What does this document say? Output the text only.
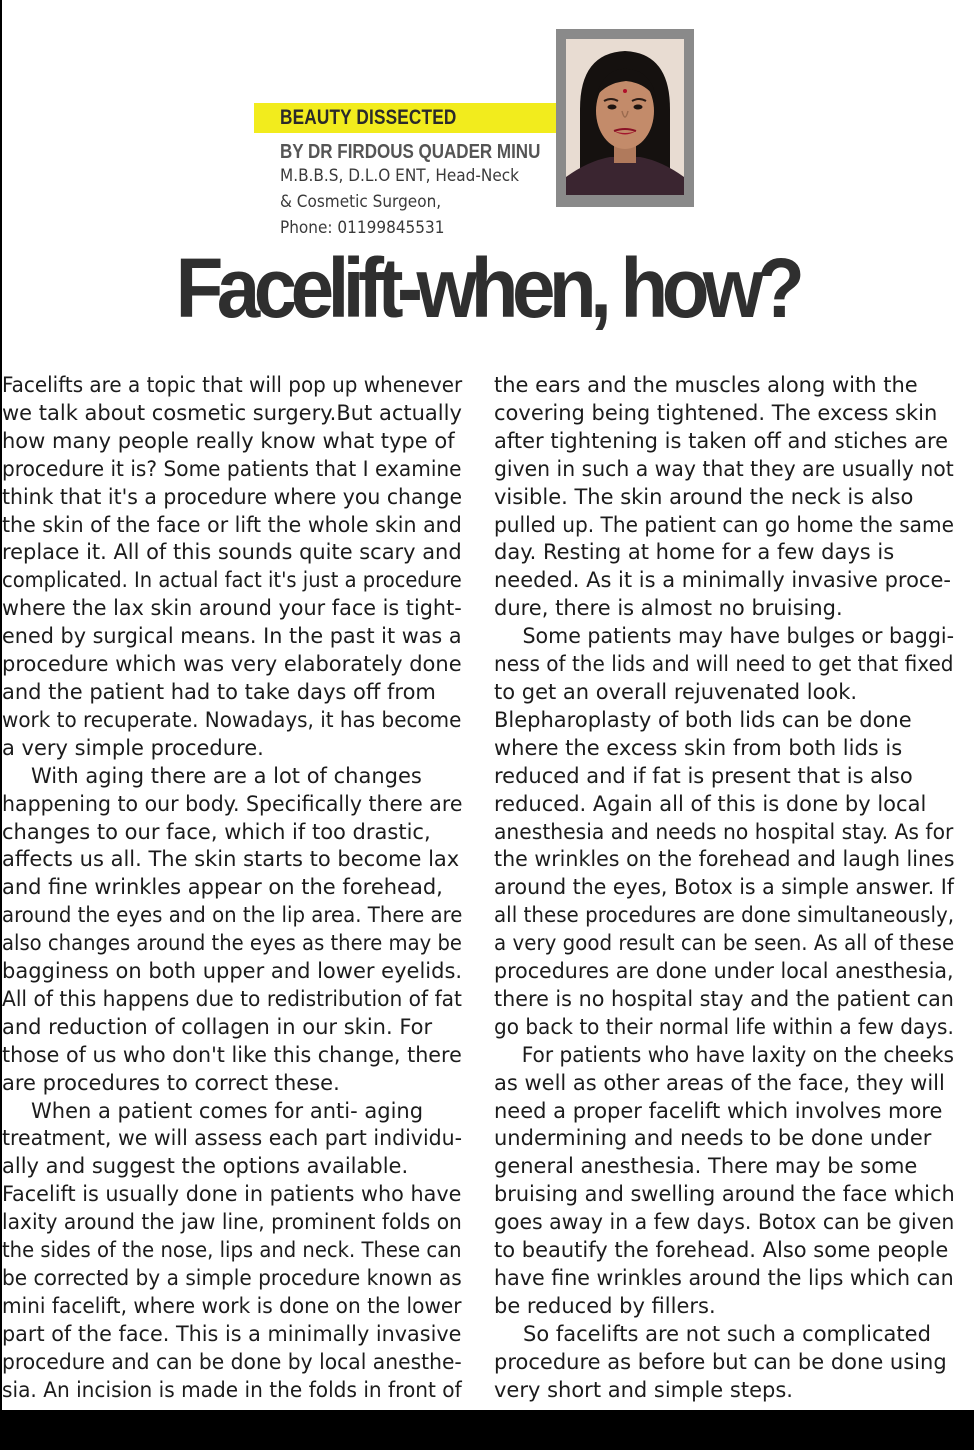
BEAUTY DISSECTED
BY DR FIRDOUS QUADER MINU
M.B.B.S, D.L.O ENT, Head-Neck
& Cosmetic Surgeon,
Phone: 01199845531
Facelift-when, how?

Facelifts are a topic that will pop up whenever
we talk about cosmetic surgery.But actually
how many people really know what type of
procedure it is? Some patients that I examine
think that it's a procedure where you change
the skin of the face or lift the whole skin and
replace it. All of this sounds quite scary and
complicated. In actual fact it's just a procedure
where the lax skin around your face is tight-
ened by surgical means. In the past it was a
procedure which was very elaborately done
and the patient had to take days off from
work to recuperate. Nowadays, it has become
a very simple procedure.

With aging there are a lot of changes
happening to our body. Specifically there are
changes to our face, which if too drastic,
affects us all. The skin starts to become lax
and fine wrinkles appear on the forehead,
around the eyes and on the lip area. There are
also changes around the eyes as there may be
bagginess on both upper and lower eyelids.
All of this happens due to redistribution of fat
and reduction of collagen in our skin. For
those of us who don't like this change, there
are procedures to correct these.

When a patient comes for anti- aging
treatment, we will assess each part individu-
ally and suggest the options available.
Facelift is usually done in patients who have
laxity around the jaw line, prominent folds on
the sides of the nose, lips and neck. These can
be corrected by a simple procedure known as
mini facelift, where work is done on the lower
part of the face. This is a minimally invasive
procedure and can be done by local anesthe-
sia. An incision is made in the folds in front of

the ears and the muscles along with the
covering being tightened. The excess skin
after tightening is taken off and stiches are
given in such a way that they are usually not
visible. The skin around the neck is also
pulled up. The patient can go home the same
day. Resting at home for a few days is
needed. As it is a minimally invasive proce-
dure, there is almost no bruising.

Some patients may have bulges or baggi-
ness of the lids and will need to get that fixed
to get an overall rejuvenated look.
Blepharoplasty of both lids can be done
where the excess skin from both lids is
reduced and if fat is present that is also
reduced. Again all of this is done by local
anesthesia and needs no hospital stay. As for
the wrinkles on the forehead and laugh lines
around the eyes, Botox is a simple answer. If
all these procedures are done simultaneously,
a very good result can be seen. As all of these
procedures are done under local anesthesia,
there is no hospital stay and the patient can
go back to their normal life within a few days.

For patients who have laxity on the cheeks
as well as other areas of the face, they will
need a proper facelift which involves more
undermining and needs to be done under
general anesthesia. There may be some
bruising and swelling around the face which
goes away in a few days. Botox can be given
to beautify the forehead. Also some people
have fine wrinkles around the lips which can
be reduced by fillers.

So facelifts are not such a complicated
procedure as before but can be done using
very short and simple steps.
